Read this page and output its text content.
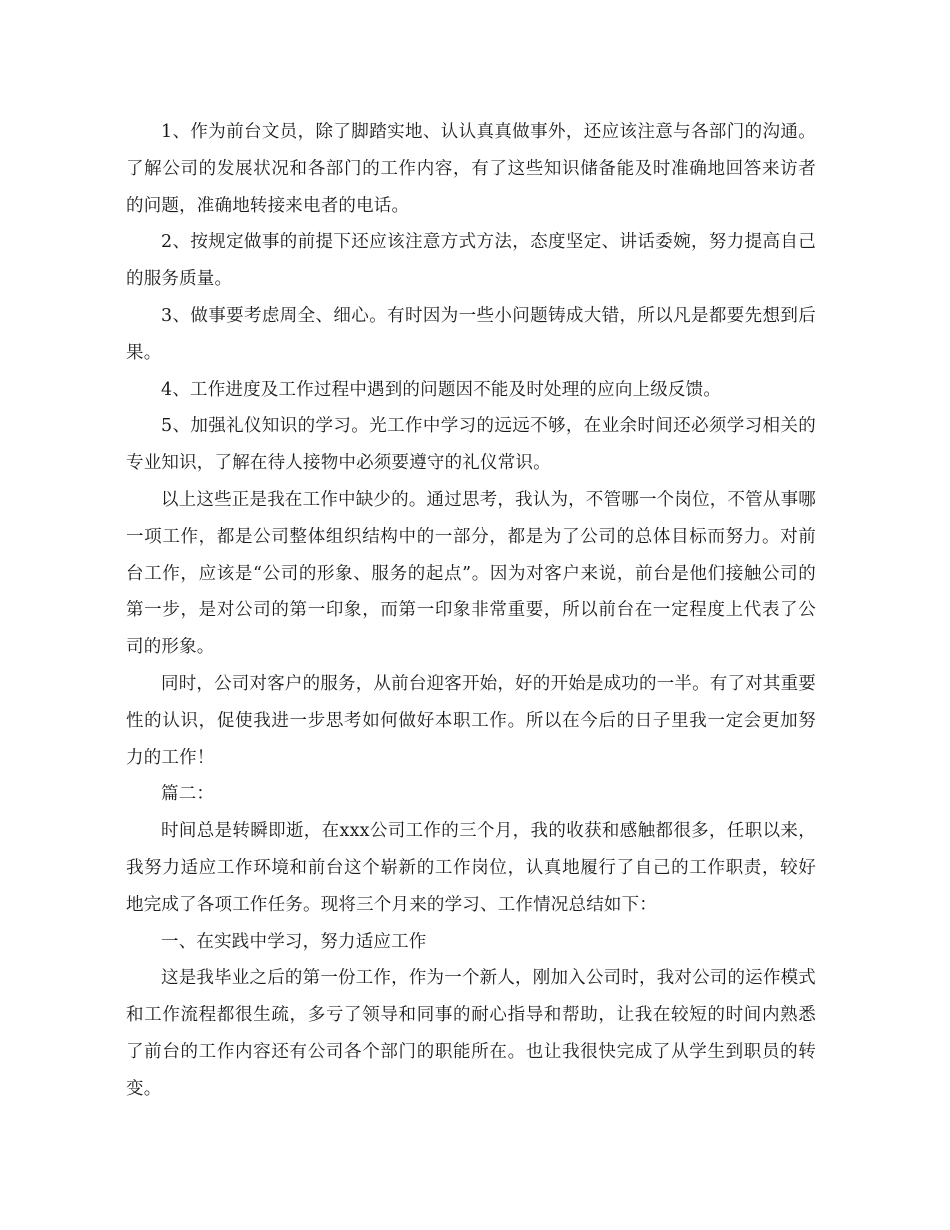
1、作为前台文员，除了脚踏实地、认认真真做事外，还应该注意与各部门的沟通。了解公司的发展状况和各部门的工作内容，有了这些知识储备能及时准确地回答来访者的问题，准确地转接来电者的电话。

2、按规定做事的前提下还应该注意方式方法，态度坚定、讲话委婉，努力提高自己的服务质量。

3、做事要考虑周全、细心。有时因为一些小问题铸成大错，所以凡是都要先想到后果。

4、工作进度及工作过程中遇到的问题因不能及时处理的应向上级反馈。

5、加强礼仪知识的学习。光工作中学习的远远不够，在业余时间还必须学习相关的专业知识，了解在待人接物中必须要遵守的礼仪常识。

以上这些正是我在工作中缺少的。通过思考，我认为，不管哪一个岗位，不管从事哪一项工作，都是公司整体组织结构中的一部分，都是为了公司的总体目标而努力。对前台工作，应该是“公司的形象、服务的起点”。因为对客户来说，前台是他们接触公司的第一步，是对公司的第一印象，而第一印象非常重要，所以前台在一定程度上代表了公司的形象。

同时，公司对客户的服务，从前台迎客开始，好的开始是成功的一半。有了对其重要性的认识，促使我进一步思考如何做好本职工作。所以在今后的日子里我一定会更加努力的工作！

篇二：

时间总是转瞬即逝，在xxx公司工作的三个月，我的收获和感触都很多，任职以来，我努力适应工作环境和前台这个崭新的工作岗位，认真地履行了自己的工作职责，较好地完成了各项工作任务。现将三个月来的学习、工作情况总结如下：

一、在实践中学习，努力适应工作

这是我毕业之后的第一份工作，作为一个新人，刚加入公司时，我对公司的运作模式和工作流程都很生疏，多亏了领导和同事的耐心指导和帮助，让我在较短的时间内熟悉了前台的工作内容还有公司各个部门的职能所在。也让我很快完成了从学生到职员的转变。
